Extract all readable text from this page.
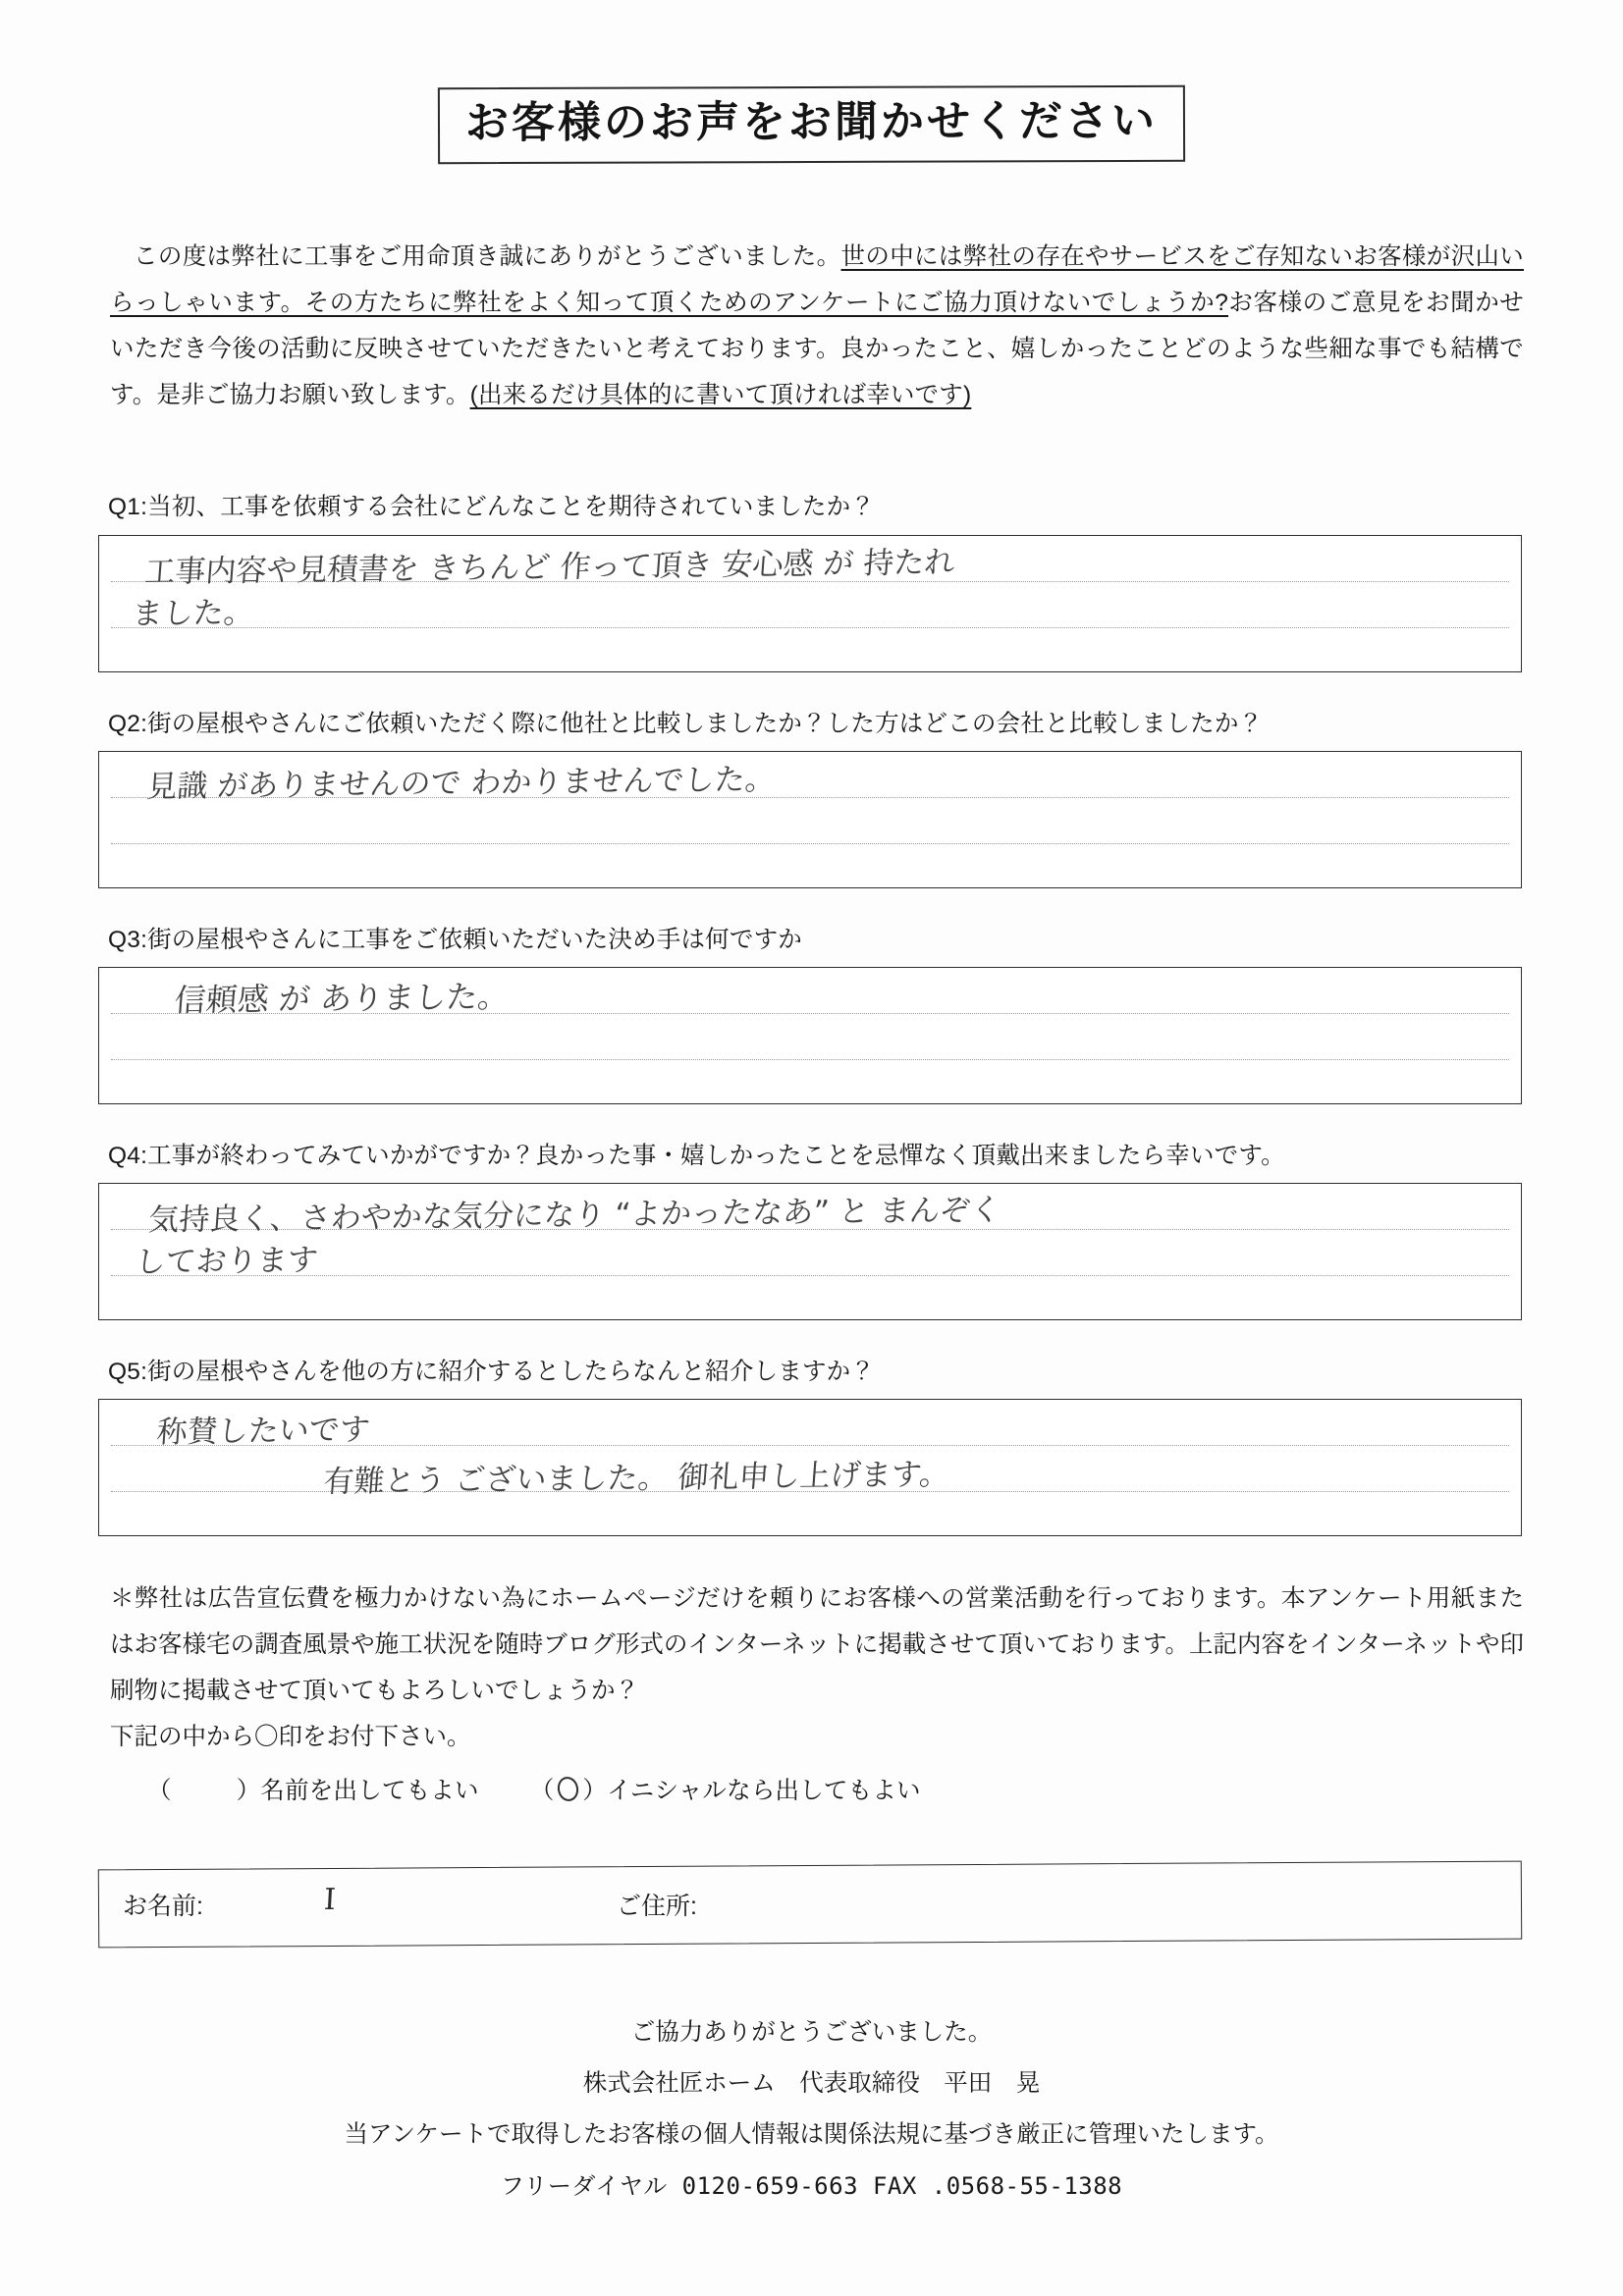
お客様のお声をお聞かせください

この度は弊社に工事をご用命頂き誠にありがとうございました。世の中には弊社の存在やサービスをご存知ないお客様が沢山いらっしゃいます。その方たちに弊社をよく知って頂くためのアンケートにご協力頂けないでしょうか?お客様のご意見をお聞かせいただき今後の活動に反映させていただきたいと考えております。良かったこと、嬉しかったことどのような些細な事でも結構です。是非ご協力お願い致します。(出来るだけ具体的に書いて頂ければ幸いです)

Q1:当初、工事を依頼する会社にどんなことを期待されていましたか？
工事内容や見積書を きちんど 作って頂き 安心感 が 持たれ
ました。
Q2:街の屋根やさんにご依頼いただく際に他社と比較しましたか？した方はどこの会社と比較しましたか？
見識 がありませんので わかりませんでした。
Q3:街の屋根やさんに工事をご依頼いただいた決め手は何ですか
信頼感 が ありました。
Q4:工事が終わってみていかがですか？良かった事・嬉しかったことを忌憚なく頂戴出来ましたら幸いです。
気持良く、さわやかな気分になり “よかったなあ” と まんぞく
しております
Q5:街の屋根やさんを他の方に紹介するとしたらなんと紹介しますか？
称賛したいです
有難とう ございました。 御礼申し上げます。

＊弊社は広告宣伝費を極力かけない為にホームページだけを頼りにお客様への営業活動を行っております。本アンケート用紙またはお客様宅の調査風景や施工状況を随時ブログ形式のインターネットに掲載させて頂いております。上記内容をインターネットや印刷物に掲載させて頂いてもよろしいでしょうか？

下記の中から〇印をお付下さい。

（	）名前を出してもよい （ ）イニシャルなら出してもよい
お名前:	I	ご住所:
ご協力ありがとうございました。
株式会社匠ホーム　代表取締役　平田　晃
当アンケートで取得したお客様の個人情報は関係法規に基づき厳正に管理いたします。
フリーダイヤル 0120-659-663 FAX .0568-55-1388
